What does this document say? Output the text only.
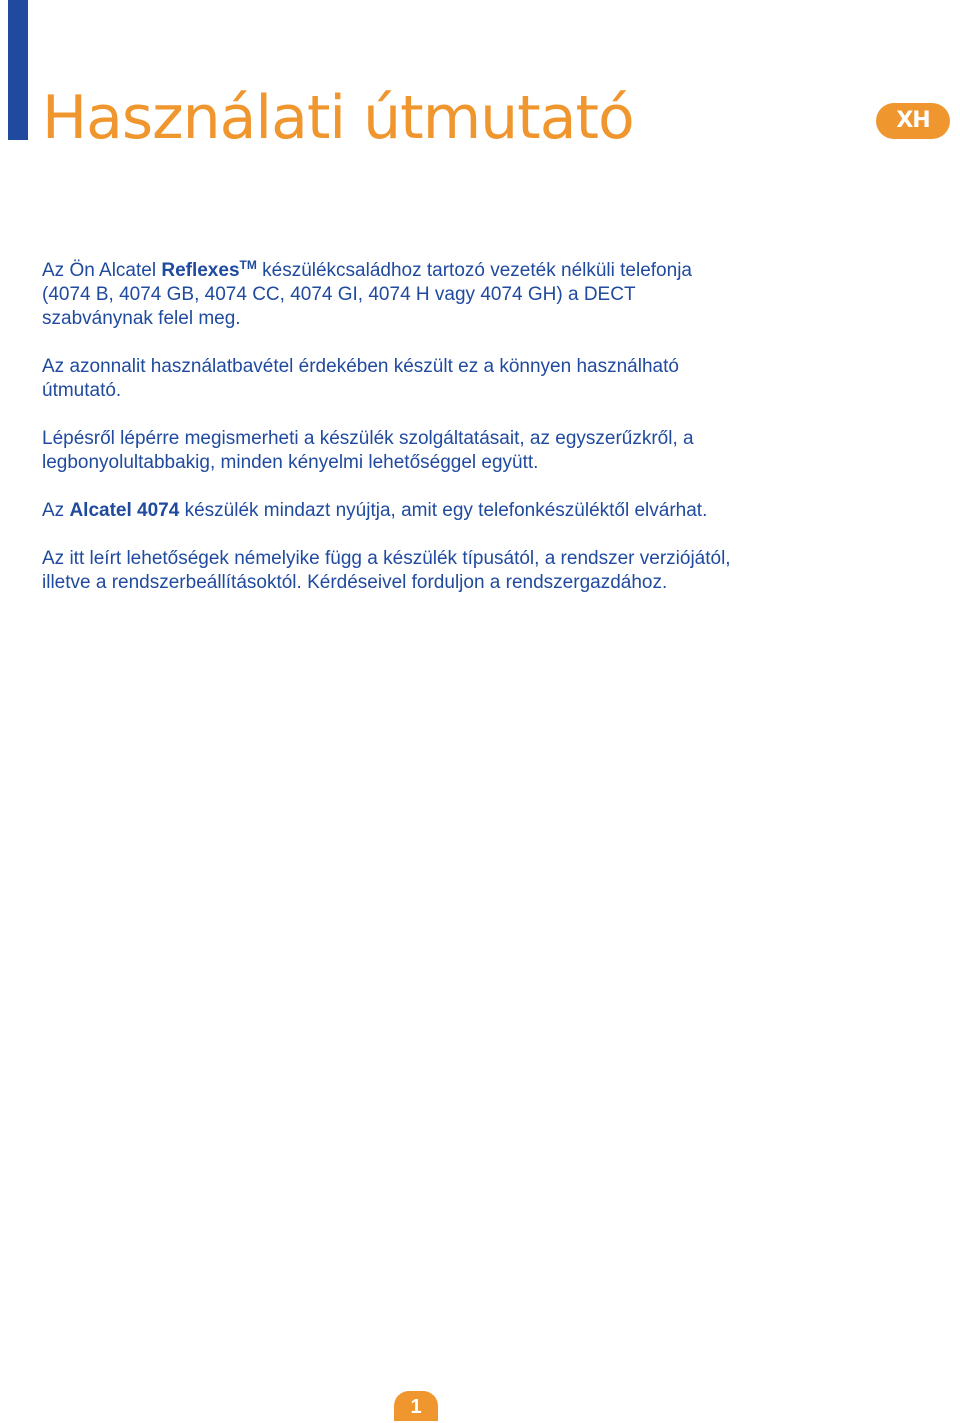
Használati útmutató	XH

Az Ön Alcatel Reflexes™ készülékcsaládhoz tartozó vezeték nélküli telefonja (4074 B, 4074 GB, 4074 CC, 4074 GI, 4074 H vagy 4074 GH) a DECT szabványnak felel meg.

Az azonnalit használatbavétel érdekében készült ez a könnyen használható útmutató.

Lépésről lépérre megismerheti a készülék szolgáltatásait, az egyszerűzkről, a legbonyolultabbakig, minden kényelmi lehetőséggel együtt.

Az Alcatel 4074 készülék mindazt nyújtja, amit egy telefonkészüléktől elvárhat.

Az itt leírt lehetőségek némelyike függ a készülék típusától, a rendszer verziójától, illetve a rendszerbeállításoktól. Kérdéseivel forduljon a rendszergazdához.

1
